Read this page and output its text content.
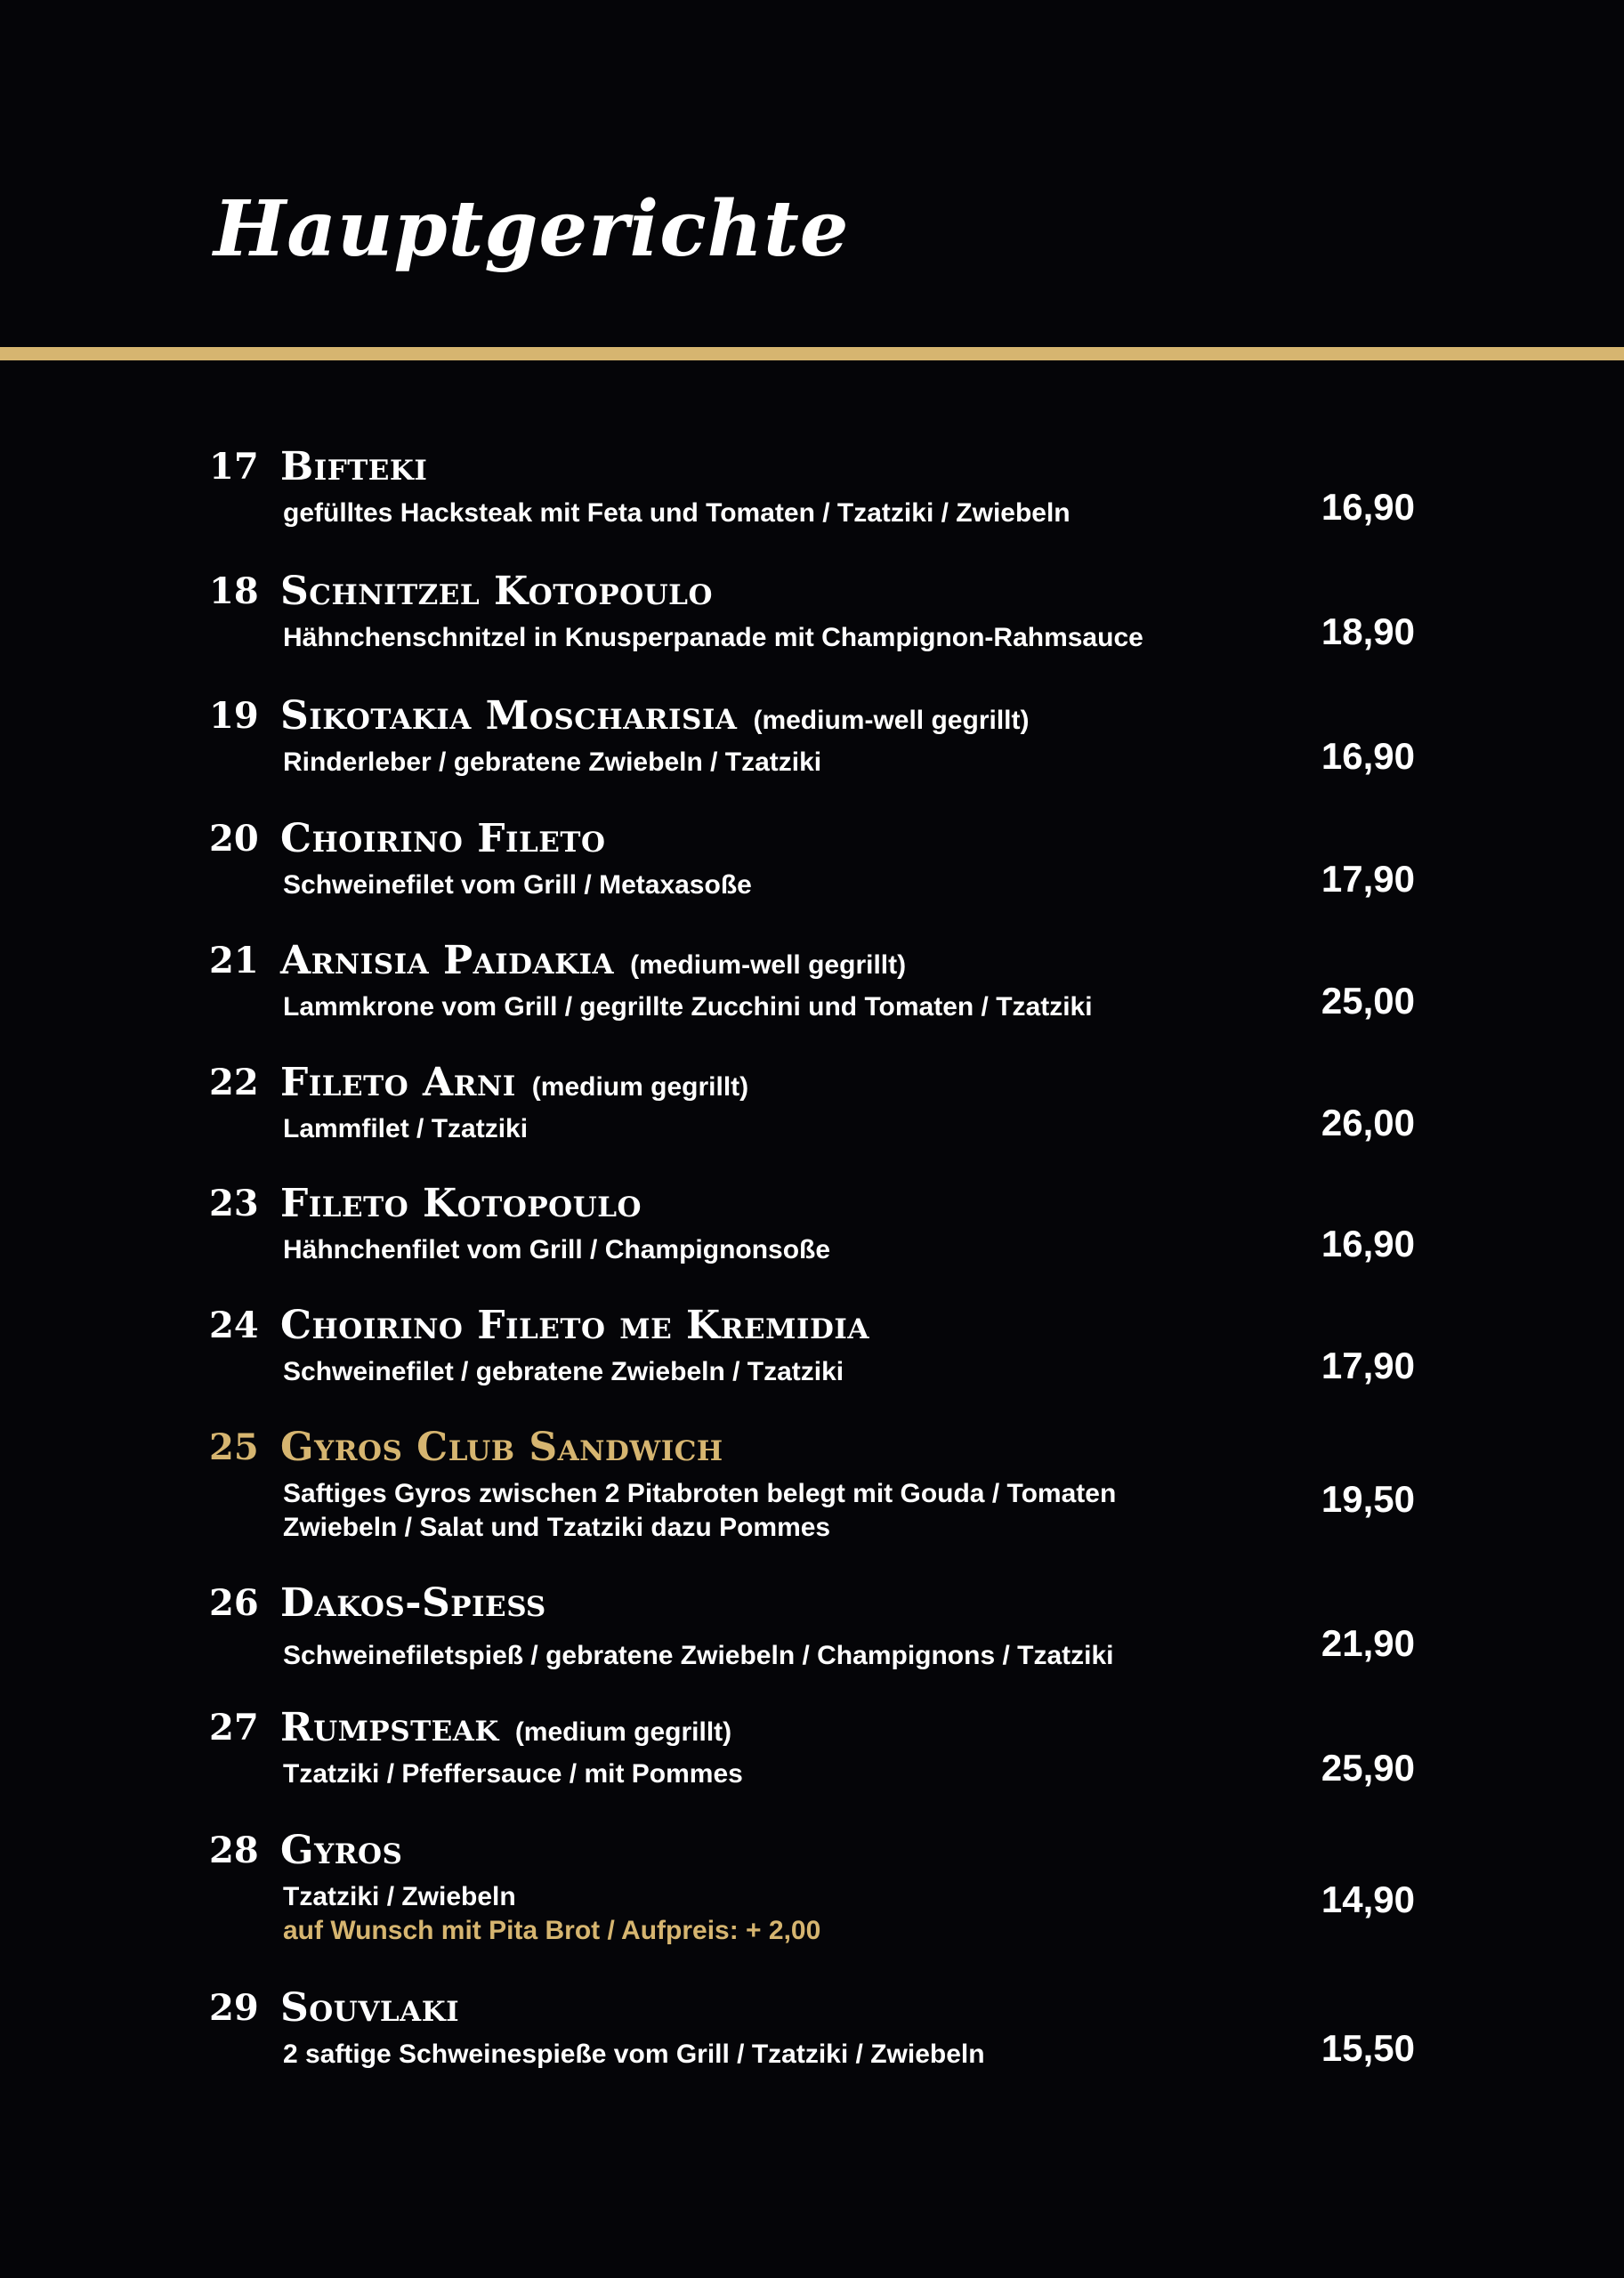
Hauptgerichte
17 Bifteki
gefülltes Hacksteak mit Feta und Tomaten / Tzatziki / Zwiebeln	16,90
18 Schnitzel Kotopoulo
Hähnchenschnitzel in Knusperpanade mit Champignon-Rahmsauce	18,90
19 Sikotakia Moscharisia (medium-well gegrillt)
Rinderleber / gebratene Zwiebeln / Tzatziki	16,90
20 Choirino Fileto
Schweinefilet vom Grill / Metaxasoße	17,90
21 Arnisia Paidakia (medium-well gegrillt)
Lammkrone vom Grill / gegrillte Zucchini und Tomaten / Tzatziki	25,00
22 Fileto Arni (medium gegrillt)
Lammfilet / Tzatziki	26,00
23 Fileto Kotopoulo
Hähnchenfilet vom Grill / Champignonsoße	16,90
24 Choirino Fileto me Kremidia
Schweinefilet / gebratene Zwiebeln / Tzatziki	17,90
25 Gyros Club Sandwich
Saftiges Gyros zwischen 2 Pitabroten belegt mit Gouda / Tomaten
Zwiebeln / Salat und Tzatziki dazu Pommes
19,50
26 Dakos-Spieß
Schweinefiletspieß / gebratene Zwiebeln / Champignons / Tzatziki	21,90
27 Rumpsteak (medium gegrillt)
Tzatziki / Pfeffersauce / mit Pommes	25,90
28 Gyros
Tzatziki / Zwiebeln
auf Wunsch mit Pita Brot / Aufpreis: + 2,00
14,90
29 Souvlaki
2 saftige Schweinespieße vom Grill / Tzatziki / Zwiebeln	15,50
